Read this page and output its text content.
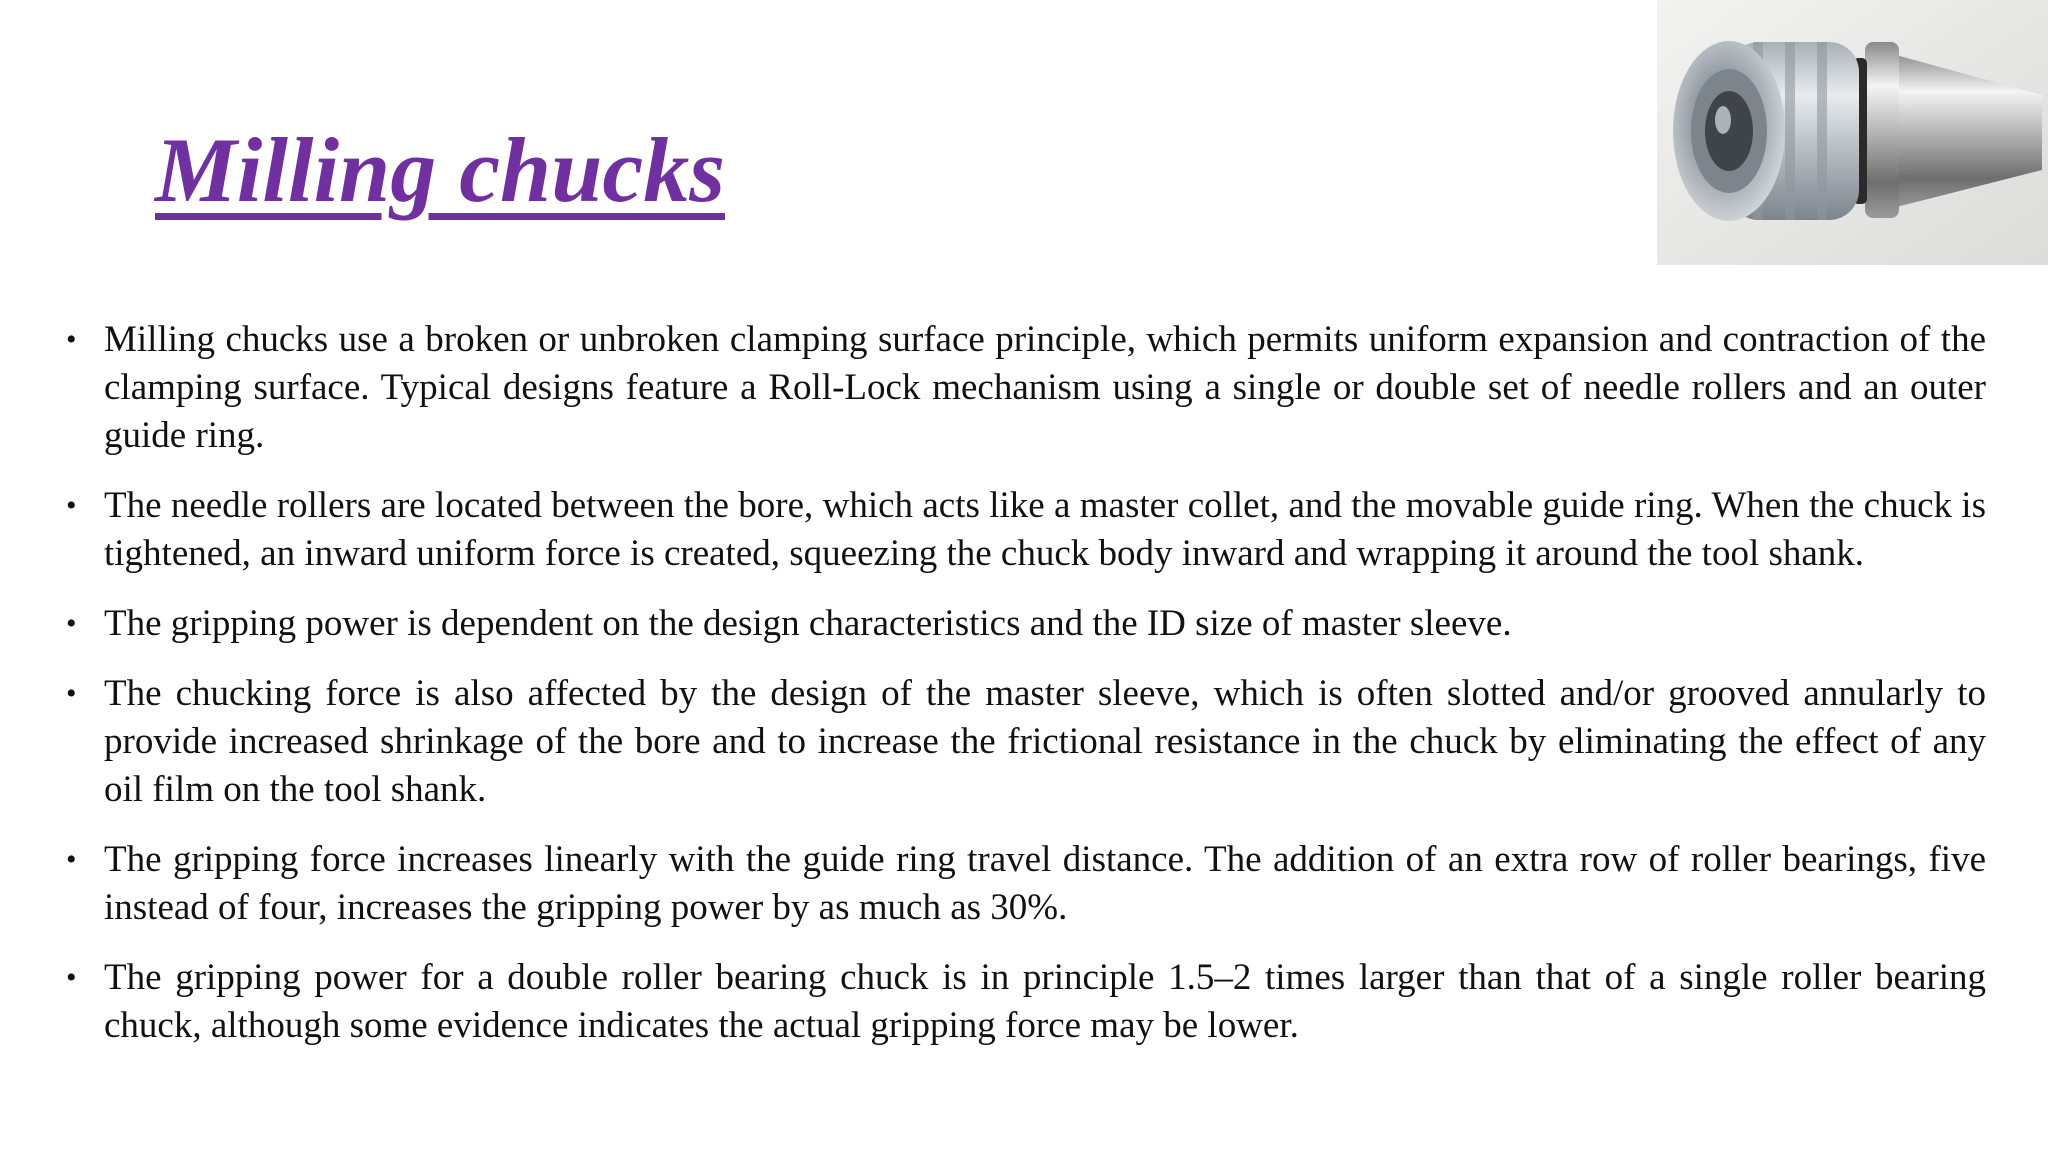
Milling chucks
• Milling chucks use a broken or unbroken clamping surface principle, which permits uniform expansion and contraction of the clamping surface. Typical designs feature a Roll-Lock mechanism using a single or double set of needle rollers and an outer guide ring.
• The needle rollers are located between the bore, which acts like a master collet, and the movable guide ring. When the chuck is tightened, an inward uniform force is created, squeezing the chuck body inward and wrapping it around the tool shank.
• The gripping power is dependent on the design characteristics and the ID size of master sleeve.
• The chucking force is also affected by the design of the master sleeve, which is often slotted and/or grooved annularly to provide increased shrinkage of the bore and to increase the frictional resistance in the chuck by eliminating the effect of any oil film on the tool shank.
• The gripping force increases linearly with the guide ring travel distance. The addition of an extra row of roller bearings, five instead of four, increases the gripping power by as much as 30%.
• The gripping power for a double roller bearing chuck is in principle 1.5–2 times larger than that of a single roller bearing chuck, although some evidence indicates the actual gripping force may be lower.
